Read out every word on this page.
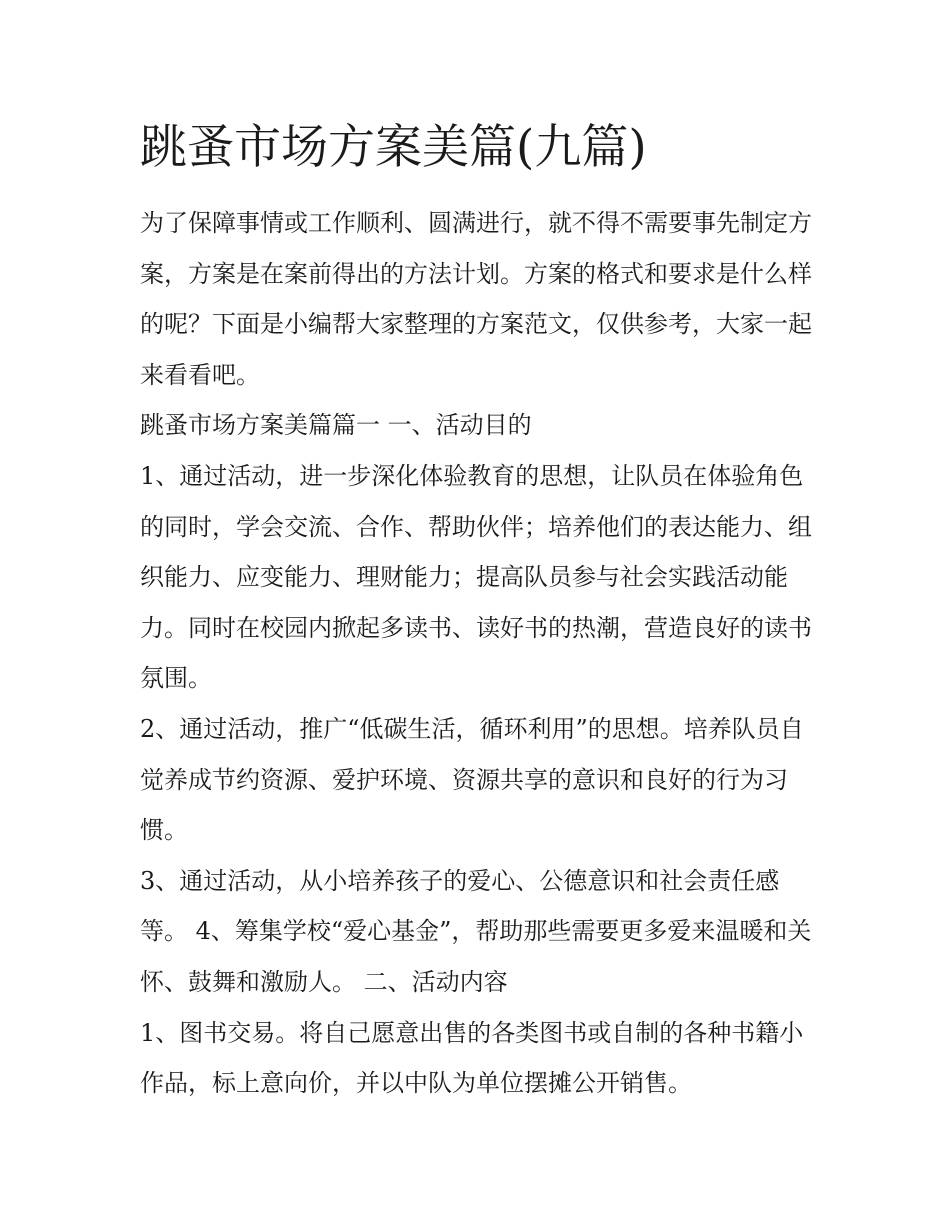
跳蚤市场方案美篇(九篇)

为了保障事情或工作顺利、圆满进行，就不得不需要事先制定方案，方案是在案前得出的方法计划。方案的格式和要求是什么样的呢？下面是小编帮大家整理的方案范文，仅供参考，大家一起来看看吧。

跳蚤市场方案美篇篇一 一、活动目的

1、通过活动，进一步深化体验教育的思想，让队员在体验角色的同时，学会交流、合作、帮助伙伴；培养他们的表达能力、组织能力、应变能力、理财能力；提高队员参与社会实践活动能力。同时在校园内掀起多读书、读好书的热潮，营造良好的读书氛围。

2、通过活动，推广“低碳生活，循环利用”的思想。培养队员自觉养成节约资源、爱护环境、资源共享的意识和良好的行为习惯。

3、通过活动，从小培养孩子的爱心、公德意识和社会责任感等。 4、筹集学校“爱心基金”，帮助那些需要更多爱来温暖和关怀、鼓舞和激励人。 二、活动内容

1、图书交易。将自己愿意出售的各类图书或自制的各种书籍小作品，标上意向价，并以中队为单位摆摊公开销售。
